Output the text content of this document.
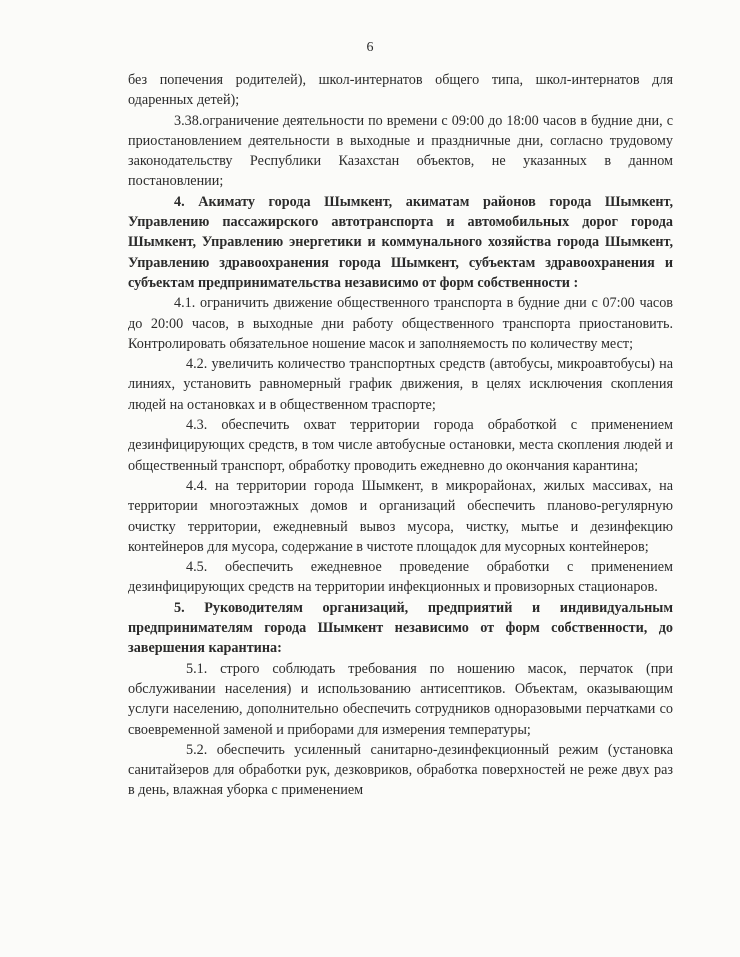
6

без попечения родителей), школ-интернатов общего типа, школ-интернатов для одаренных детей);

3.38.ограничение деятельности по времени с 09:00 до 18:00 часов в будние дни, с приостановлением деятельности в выходные и праздничные дни, согласно трудовому законодательству Республики Казахстан объектов, не указанных в данном постановлении;

4. Акимату города Шымкент, акиматам районов города Шымкент, Управлению пассажирского автотранспорта и автомобильных дорог города Шымкент, Управлению энергетики и коммунального хозяйства города Шымкент, Управлению здравоохранения города Шымкент, субъектам здравоохранения и субъектам предпринимательства независимо от форм собственности :

4.1. ограничить движение общественного транспорта в будние дни с 07:00 часов до 20:00 часов, в выходные дни работу общественного транспорта приостановить. Контролировать обязательное ношение масок и заполняемость по количеству мест;

4.2. увеличить количество транспортных средств (автобусы, микроавтобусы) на линиях, установить равномерный график движения, в целях исключения скопления людей на остановках и в общественном траспорте;

4.3. обеспечить охват территории города обработкой с применением дезинфицирующих средств, в том числе автобусные остановки, места скопления людей и общественный транспорт, обработку проводить ежедневно до окончания карантина;

4.4. на территории города Шымкент, в микрорайонах, жилых массивах, на территории многоэтажных домов и организаций обеспечить планово-регулярную очистку территории, ежедневный вывоз мусора, чистку, мытье и дезинфекцию контейнеров для мусора, содержание в чистоте площадок для мусорных контейнеров;

4.5. обеспечить ежедневное проведение обработки с применением дезинфицирующих средств на территории инфекционных и провизорных стационаров.

5. Руководителям организаций, предприятий и индивидуальным предпринимателям города Шымкент независимо от форм собственности, до завершения карантина:

5.1. строго соблюдать требования по ношению масок, перчаток (при обслуживании населения) и использованию антисептиков. Объектам, оказывающим услуги населению, дополнительно обеспечить сотрудников одноразовыми перчатками со своевременной заменой и приборами для измерения температуры;

5.2. обеспечить усиленный санитарно-дезинфекционный режим (установка санитайзеров для обработки рук, дезковриков, обработка поверхностей не реже двух раз в день, влажная уборка с применением
